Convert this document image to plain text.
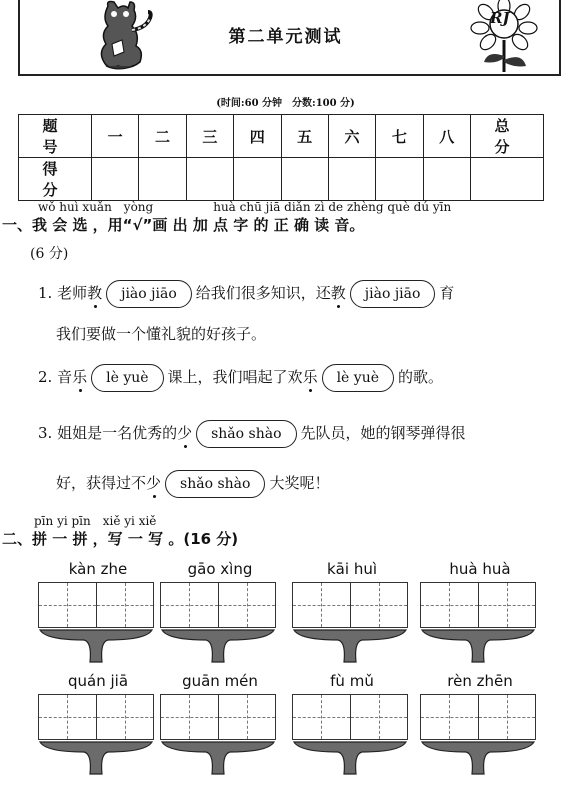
第二单元测试
RJ
(时间:60 分钟　分数:100 分)
题　号	一	二	三	四	五	六	七	八	总　分
得　分									
wǒ huì xuǎn　yòng　　　　　huà chū jiā diǎn zì de zhèng què dú yīn
一、我 会 选 ，用“√”画 出 加 点 字 的 正 确 读 音。
(6 分)
1. 老师教 jiào jiāo 给我们很多知识，还教 jiào jiāo 育
我们要做一个懂礼貌的好孩子。
2. 音乐 lè yuè 课上，我们唱起了欢乐 lè yuè 的歌。
3. 姐姐是一名优秀的少 shǎo shào 先队员，她的钢琴弹得很
好，获得过不少 shǎo shào 大奖呢！
pīn yi pīn　xiě yi xiě
二、拼 一 拼 ，写 一 写 。(16 分)
kàn zhe	gāo xìng	kāi huì	huà huà
quán jiā	guān mén	fù mǔ	rèn zhēn
